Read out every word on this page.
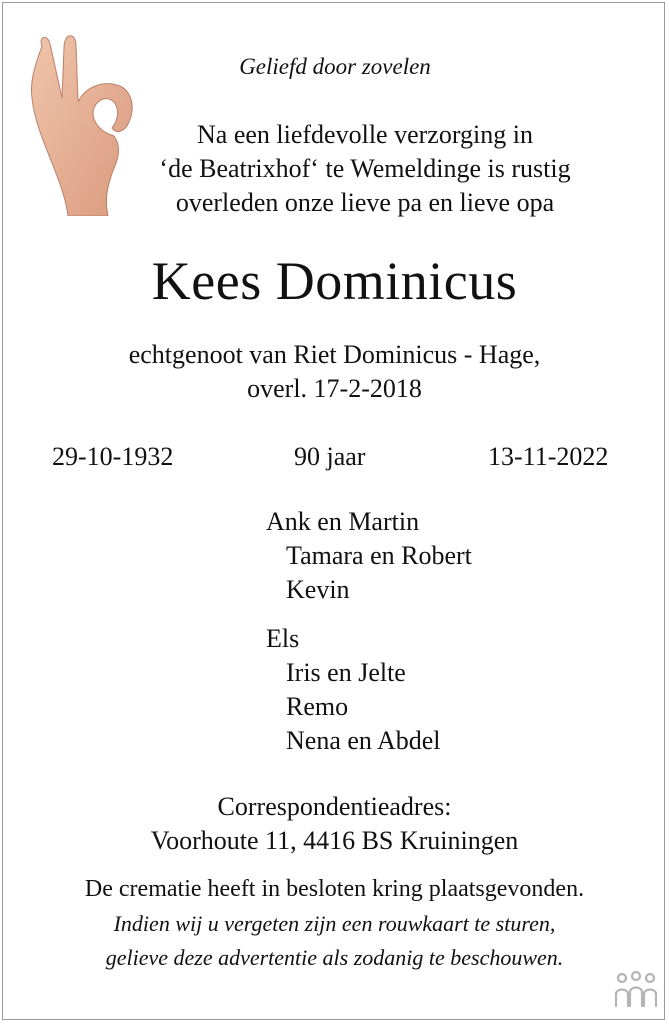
Geliefd door zovelen
Na een liefdevolle verzorging in
‘de Beatrixhof‘ te Wemeldinge is rustig
overleden onze lieve pa en lieve opa
Kees Dominicus
echtgenoot van Riet Dominicus - Hage,
overl. 17-2-2018
29-10-1932	90 jaar	13-11-2022
Ank en Martin
Tamara en Robert
Kevin
Els
Iris en Jelte
Remo
Nena en Abdel
Correspondentieadres:
Voorhoute 11, 4416 BS Kruiningen
De crematie heeft in besloten kring plaatsgevonden.
Indien wij u vergeten zijn een rouwkaart te sturen,
gelieve deze advertentie als zodanig te beschouwen.
